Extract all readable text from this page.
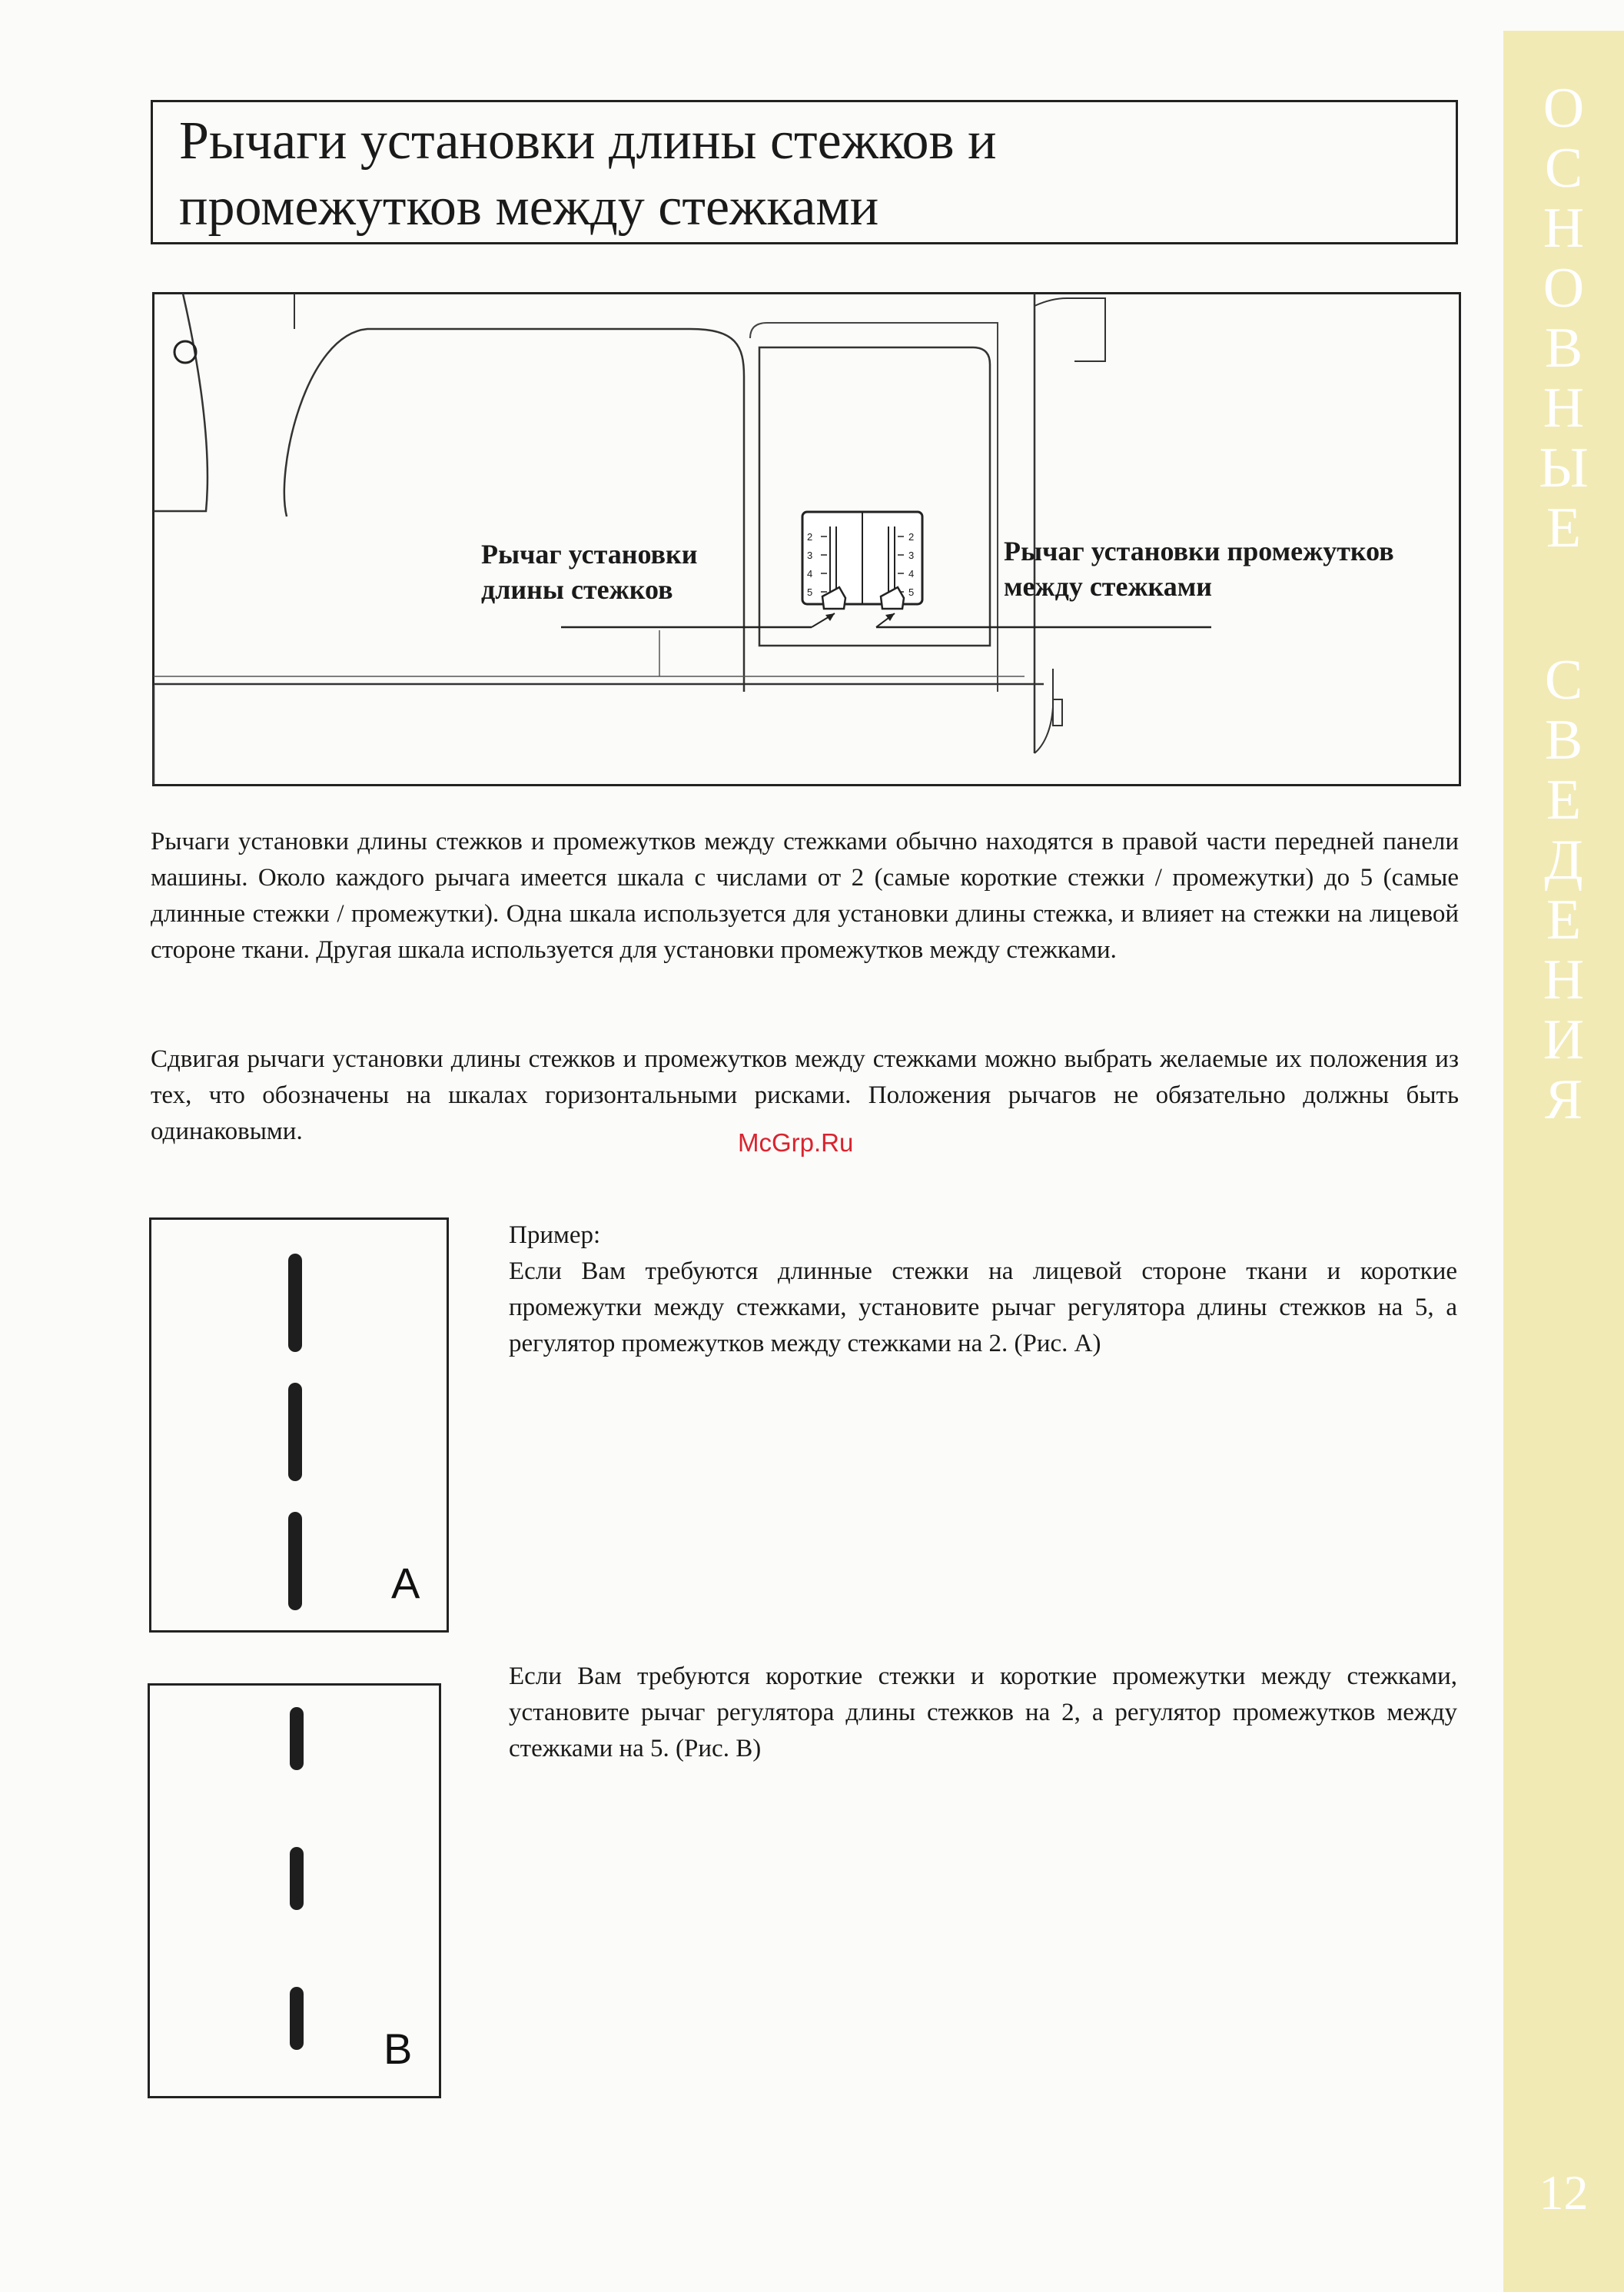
О
С
Н
О
В
Н
Ы
Е
С
В
Е
Д
Е
Н
И
Я
12
Рычаги установки длины стежков и
промежутков между стежками
2
3
4
5
2
3
4
5
Рычаг установки
длины стежков
Рычаг установки промежутков
между стежками
Рычаги установки длины стежков и промежутков между стежками обычно находятся в правой части передней панели машины. Около каждого рычага имеется шкала с числами от 2 (самые короткие стежки / промежутки) до 5 (самые длинные стежки / промежутки). Одна шкала используется для установки длины стежка, и влияет на стежки на лицевой стороне ткани. Другая шкала используется для установки промежутков между стежками.
Сдвигая рычаги установки длины стежков и промежутков между стежками можно выбрать желаемые их положения из тех, что обозначены на шкалах горизонтальными рисками. Положения рычагов не обязательно должны быть одинаковыми.	McGrp.Ru
A
B
Пример:
Если Вам требуются длинные стежки на лицевой стороне ткани и короткие промежутки между стежками, установите рычаг регулятора длины стежков на 5, а регулятор промежутков между стежками на 2. (Рис. А)
Если Вам требуются короткие стежки и короткие промежутки между стежками, установите рычаг регулятора длины стежков на 2, а регулятор промежутков между стежками на 5. (Рис. В)
